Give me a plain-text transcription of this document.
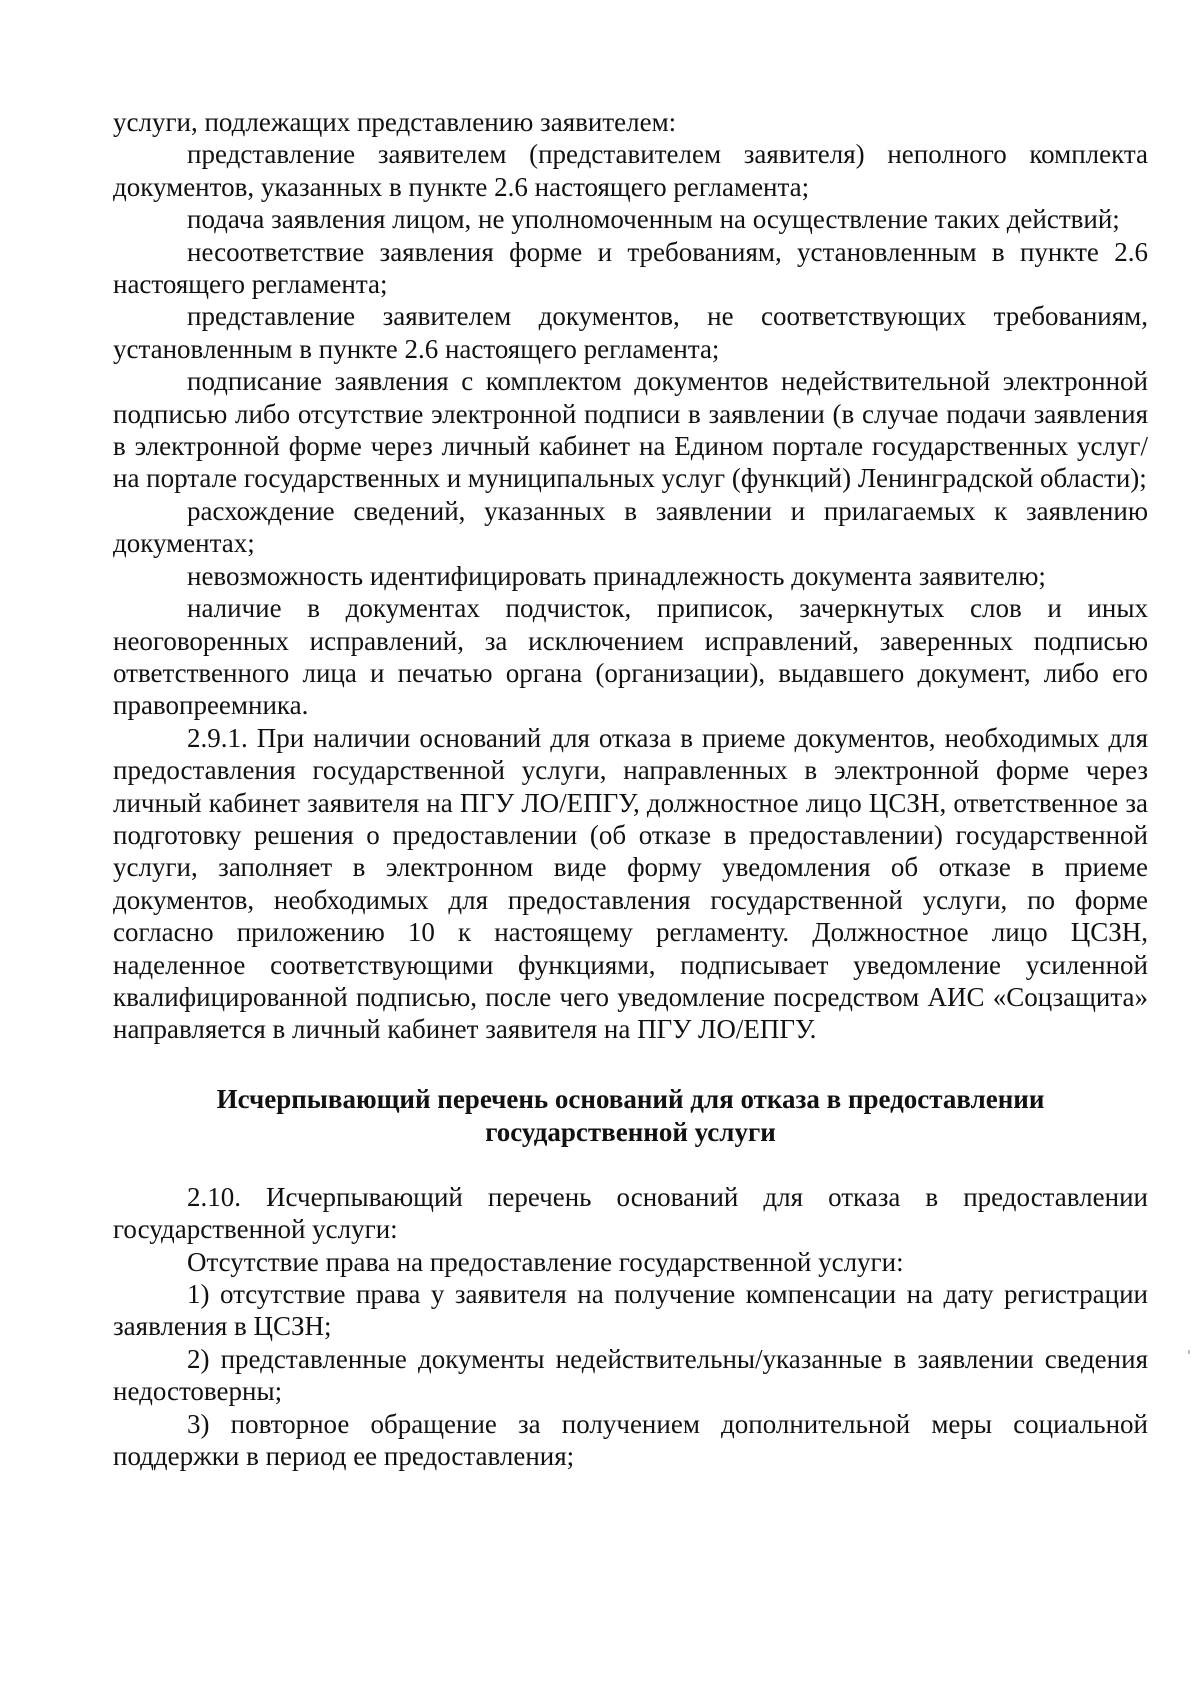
услуги, подлежащих представлению заявителем:

представление заявителем (представителем заявителя) неполного комплекта документов, указанных в пункте 2.6 настоящего регламента;

подача заявления лицом, не уполномоченным на осуществление таких действий;

несоответствие заявления форме и требованиям, установленным в пункте 2.6 настоящего регламента;

представление заявителем документов, не соответствующих требованиям, установленным в пункте 2.6 настоящего регламента;

подписание заявления с комплектом документов недействительной электронной подписью либо отсутствие электронной подписи в заявлении (в случае подачи заявления в электронной форме через личный кабинет на Едином портале государственных услуг/на портале государственных и муниципальных услуг (функций) Ленинградской области);

расхождение сведений, указанных в заявлении и прилагаемых к заявлению документах;

невозможность идентифицировать принадлежность документа заявителю;

наличие в документах подчисток, приписок, зачеркнутых слов и иных неоговоренных исправлений, за исключением исправлений, заверенных подписью ответственного лица и печатью органа (организации), выдавшего документ, либо его правопреемника.

2.9.1. При наличии оснований для отказа в приеме документов, необходимых для предоставления государственной услуги, направленных в электронной форме через личный кабинет заявителя на ПГУ ЛО/ЕПГУ, должностное лицо ЦСЗН, ответственное за подготовку решения о предоставлении (об отказе в предоставлении) государственной услуги, заполняет в электронном виде форму уведомления об отказе в приеме документов, необходимых для предоставления государственной услуги, по форме согласно приложению 10 к настоящему регламенту. Должностное лицо ЦСЗН, наделенное соответствующими функциями, подписывает уведомление усиленной квалифицированной подписью, после чего уведомление посредством АИС «Соцзащита» направляется в личный кабинет заявителя на ПГУ ЛО/ЕПГУ.

Исчерпывающий перечень оснований для отказа в предоставлении

государственной услуги

2.10. Исчерпывающий перечень оснований для отказа в предоставлении государственной услуги:

Отсутствие права на предоставление государственной услуги:

1) отсутствие права у заявителя на получение компенсации на дату регистрации заявления в ЦСЗН;

2) представленные документы недействительны/указанные в заявлении сведения недостоверны;

3) повторное обращение за получением дополнительной меры социальной поддержки в период ее предоставления;
